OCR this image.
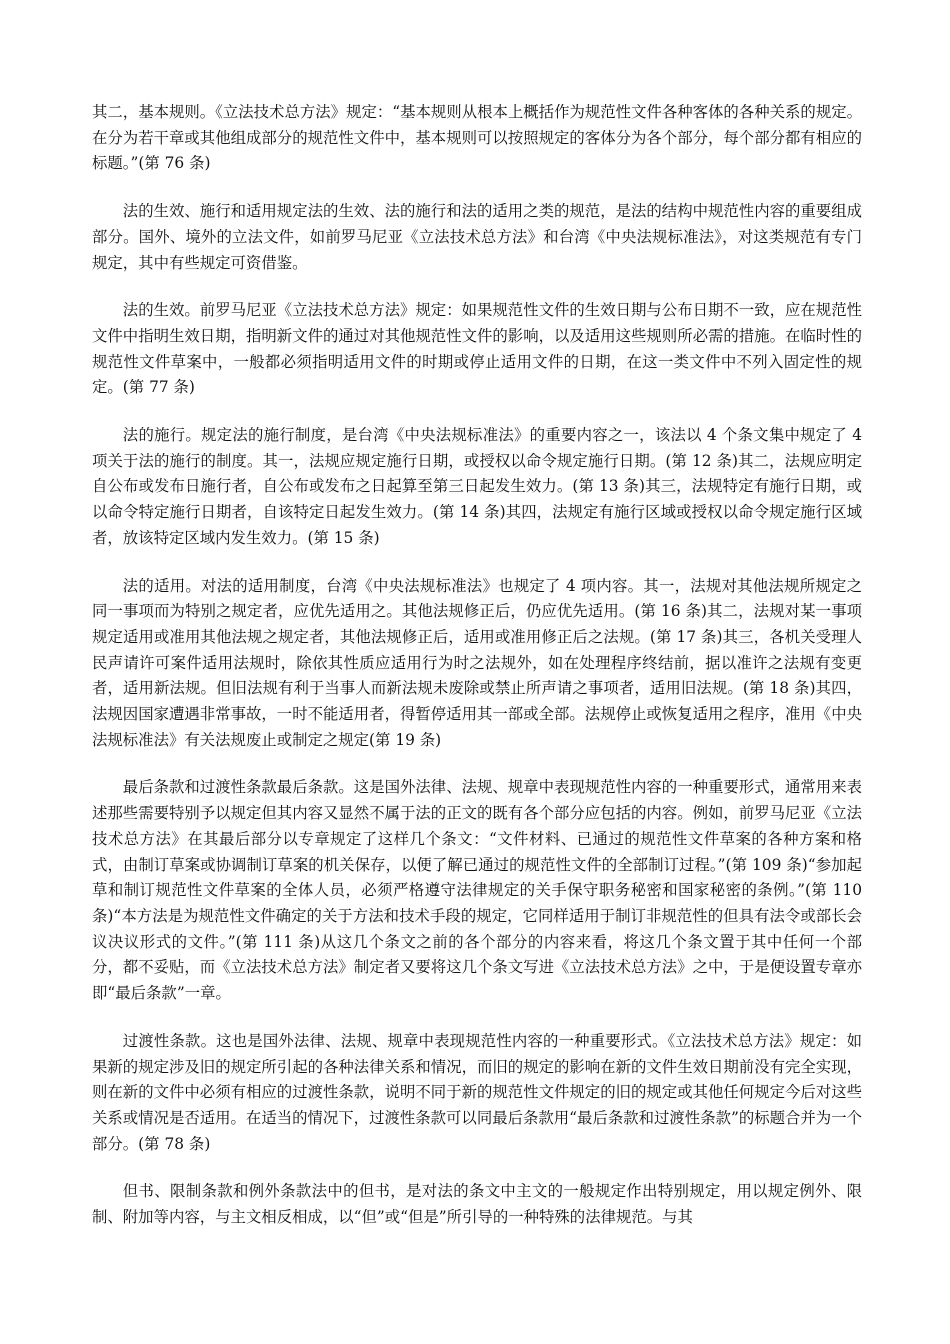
其二，基本规则。《立法技术总方法》规定：“基本规则从根本上概括作为规范性文件各种客体的各种关系的规定。在分为若干章或其他组成部分的规范性文件中，基本规则可以按照规定的客体分为各个部分，每个部分都有相应的标题。”(第 76 条)

法的生效、施行和适用规定法的生效、法的施行和法的适用之类的规范，是法的结构中规范性内容的重要组成部分。国外、境外的立法文件，如前罗马尼亚《立法技术总方法》和台湾《中央法规标准法》，对这类规范有专门规定，其中有些规定可资借鉴。

法的生效。前罗马尼亚《立法技术总方法》规定：如果规范性文件的生效日期与公布日期不一致，应在规范性文件中指明生效日期，指明新文件的通过对其他规范性文件的影响，以及适用这些规则所必需的措施。在临时性的规范性文件草案中，一般都必须指明适用文件的时期或停止适用文件的日期，在这一类文件中不列入固定性的规定。(第 77 条)

法的施行。规定法的施行制度，是台湾《中央法规标准法》的重要内容之一，该法以 4 个条文集中规定了 4 项关于法的施行的制度。其一，法规应规定施行日期，或授权以命令规定施行日期。(第 12 条)其二，法规应明定自公布或发布日施行者，自公布或发布之日起算至第三日起发生效力。(第 13 条)其三，法规特定有施行日期，或以命令特定施行日期者，自该特定日起发生效力。(第 14 条)其四，法规定有施行区域或授权以命令规定施行区域者，放该特定区域内发生效力。(第 15 条)

法的适用。对法的适用制度，台湾《中央法规标准法》也规定了 4 项内容。其一，法规对其他法规所规定之同一事项而为特别之规定者，应优先适用之。其他法规修正后，仍应优先适用。(第 16 条)其二，法规对某一事项规定适用或准用其他法规之规定者，其他法规修正后，适用或准用修正后之法规。(第 17 条)其三，各机关受理人民声请许可案件适用法规时，除依其性质应适用行为时之法规外，如在处理程序终结前，据以准许之法规有变更者，适用新法规。但旧法规有利于当事人而新法规未废除或禁止所声请之事项者，适用旧法规。(第 18 条)其四，法规因国家遭遇非常事故，一时不能适用者，得暂停适用其一部或全部。法规停止或恢复适用之程序，准用《中央法规标准法》有关法规废止或制定之规定(第 19 条)

最后条款和过渡性条款最后条款。这是国外法律、法规、规章中表现规范性内容的一种重要形式，通常用来表述那些需要特别予以规定但其内容又显然不属于法的正文的既有各个部分应包括的内容。例如，前罗马尼亚《立法技术总方法》在其最后部分以专章规定了这样几个条文：“文件材料、已通过的规范性文件草案的各种方案和格式，由制订草案或协调制订草案的机关保存，以便了解已通过的规范性文件的全部制订过程。”(第 109 条)“参加起草和制订规范性文件草案的全体人员，必须严格遵守法律规定的关手保守职务秘密和国家秘密的条例。”(第 110 条)“本方法是为规范性文件确定的关于方法和技术手段的规定，它同样适用于制订非规范性的但具有法令或部长会议决议形式的文件。”(第 111 条)从这几个条文之前的各个部分的内容来看，将这几个条文置于其中任何一个部分，都不妥贴，而《立法技术总方法》制定者又要将这几个条文写进《立法技术总方法》之中，于是便设置专章亦即“最后条款”一章。

过渡性条款。这也是国外法律、法规、规章中表现规范性内容的一种重要形式。《立法技术总方法》规定：如果新的规定涉及旧的规定所引起的各种法律关系和情况，而旧的规定的影响在新的文件生效日期前没有完全实现，则在新的文件中必须有相应的过渡性条款，说明不同于新的规范性文件规定的旧的规定或其他任何规定今后对这些关系或情况是否适用。在适当的情况下，过渡性条款可以同最后条款用“最后条款和过渡性条款”的标题合并为一个部分。(第 78 条)

但书、限制条款和例外条款法中的但书，是对法的条文中主文的一般规定作出特别规定，用以规定例外、限制、附加等内容，与主文相反相成，以“但”或“但是”所引导的一种特殊的法律规范。与其
